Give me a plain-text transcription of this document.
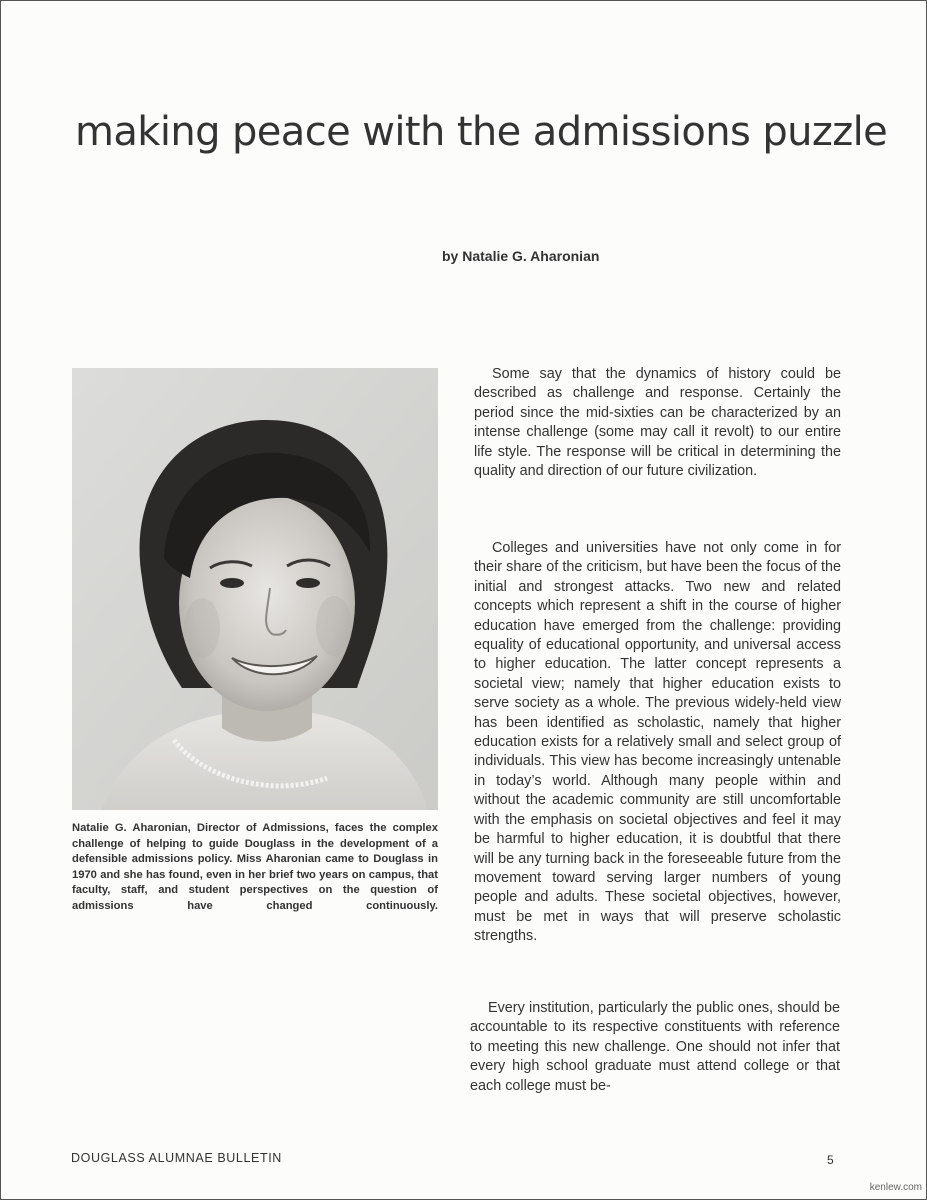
making peace with the admissions puzzle
by Natalie G. Aharonian

Natalie G. Aharonian, Director of Admissions, faces the complex challenge of helping to guide Douglass in the development of a defensible admissions policy. Miss Aharonian came to Douglass in 1970 and she has found, even in her brief two years on campus, that faculty, staff, and student perspectives on the question of admissions have changed continuously.

Some say that the dynamics of history could be described as challenge and response. Certainly the period since the mid-sixties can be characterized by an intense challenge (some may call it revolt) to our entire life style. The response will be critical in determining the quality and direction of our future civilization.

Colleges and universities have not only come in for their share of the criticism, but have been the focus of the initial and strongest attacks. Two new and related concepts which represent a shift in the course of higher education have emerged from the challenge: providing equality of educational opportunity, and universal access to higher education. The latter concept represents a societal view; namely that higher education exists to serve society as a whole. The previous widely-held view has been identified as scholastic, namely that higher education exists for a relatively small and select group of individuals. This view has become increasingly untenable in today’s world. Although many people within and without the academic community are still uncomfortable with the emphasis on societal objectives and feel it may be harmful to higher education, it is doubtful that there will be any turning back in the foreseeable future from the movement toward serving larger numbers of young people and adults. These societal objectives, however, must be met in ways that will preserve scholastic strengths.

Every institution, particularly the public ones, should be accountable to its respective constituents with reference to meeting this new challenge. One should not infer that every high school graduate must attend college or that each college must be-

DOUGLASS ALUMNAE BULLETIN	5
kenlew.com
